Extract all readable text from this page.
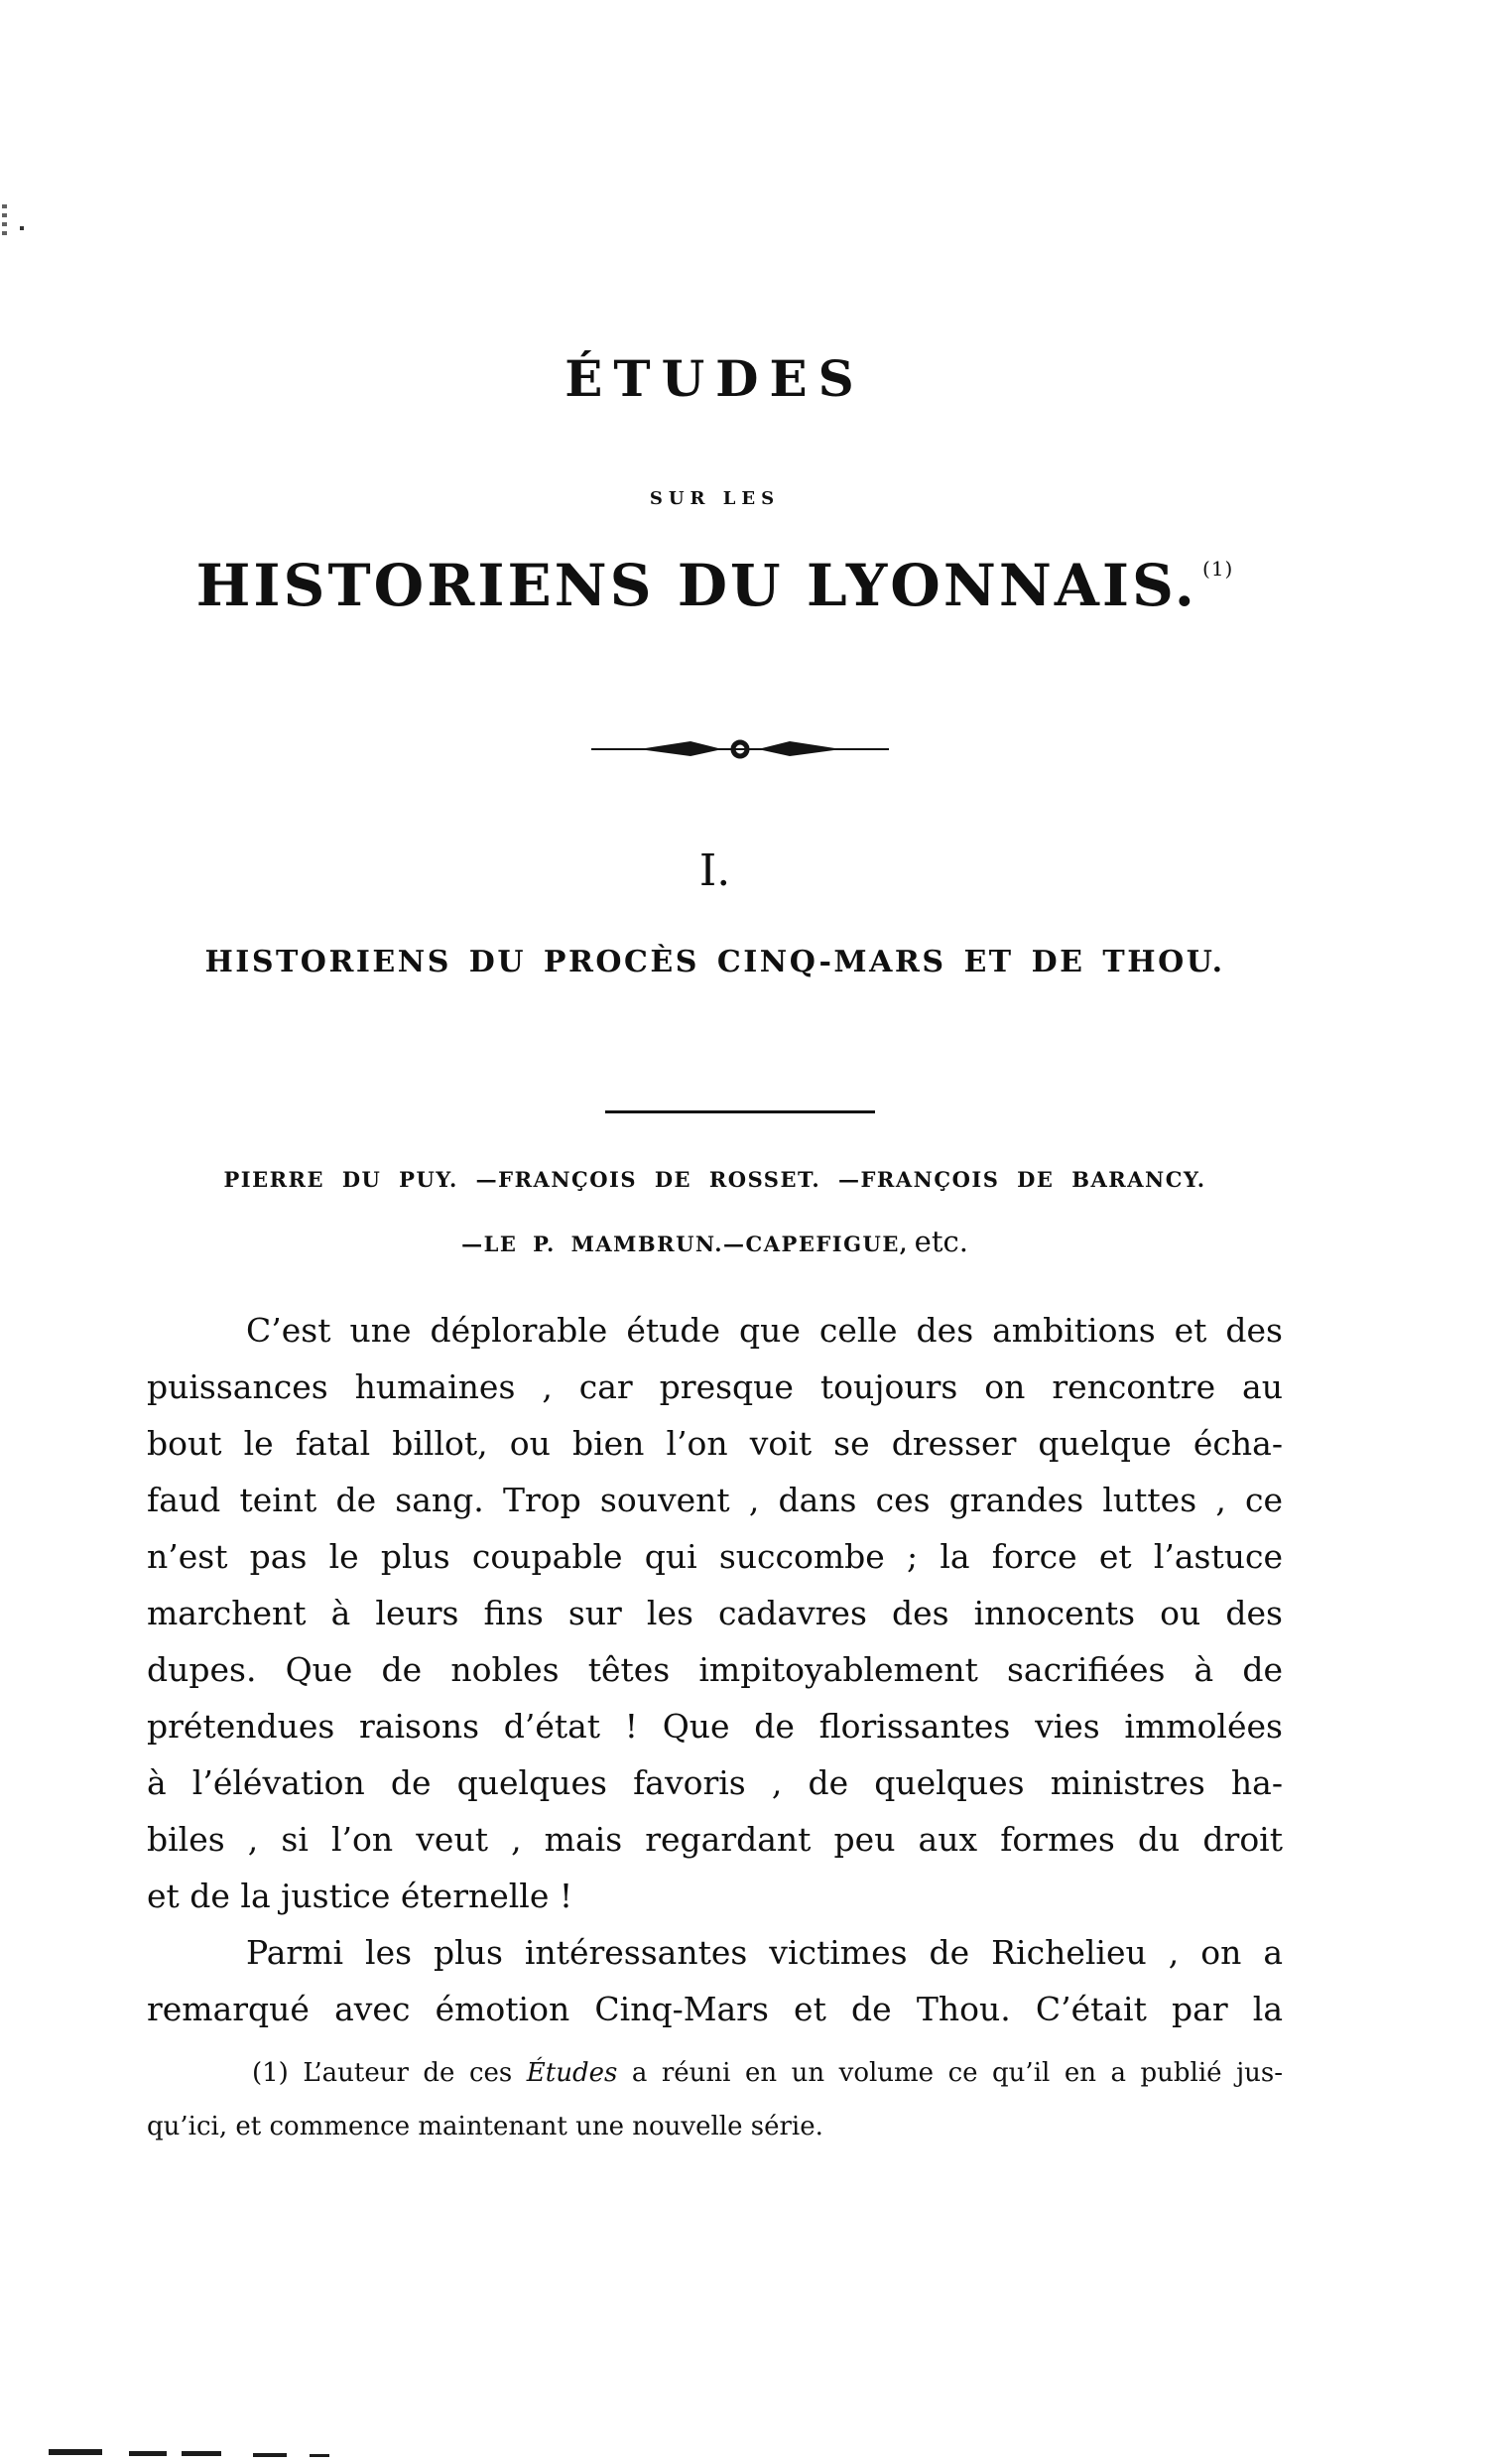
ÉTUDES
SUR LES
HISTORIENS DU LYONNAIS. (1)
I.
HISTORIENS DU PROCÈS CINQ-MARS ET DE THOU.
PIERRE DU PUY. —FRANÇOIS DE ROSSET. —FRANÇOIS DE BARANCY.
—LE P. MAMBRUN.—CAPEFIGUE, etc.
C’est une déplorable étude que celle des ambitions et des
puissances humaines , car presque toujours on rencontre au
bout le fatal billot, ou bien l’on voit se dresser quelque écha-
faud teint de sang. Trop souvent , dans ces grandes luttes , ce
n’est pas le plus coupable qui succombe ; la force et l’astuce
marchent à leurs fins sur les cadavres des innocents ou des
dupes. Que de nobles têtes impitoyablement sacrifiées à de
prétendues raisons d’état ! Que de florissantes vies immolées
à l’élévation de quelques favoris , de quelques ministres ha-
biles , si l’on veut , mais regardant peu aux formes du droit
et de la justice éternelle !
Parmi les plus intéressantes victimes de Richelieu , on a
remarqué avec émotion Cinq-Mars et de Thou. C’était par la
(1) L’auteur de ces Études a réuni en un volume ce qu’il en a publié jus-
qu’ici, et commence maintenant une nouvelle série.
